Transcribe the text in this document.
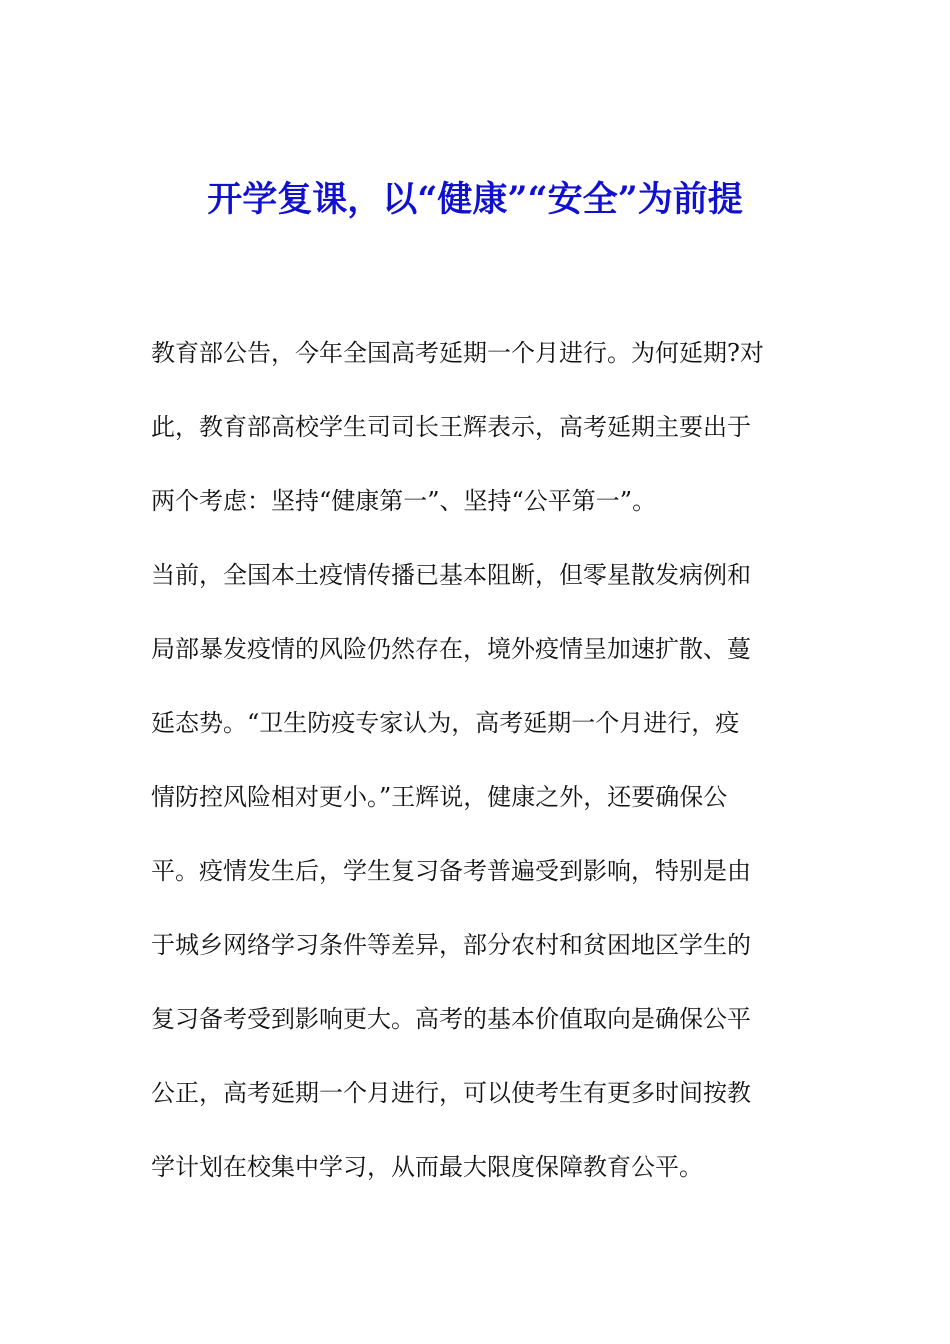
开学复课，以“健康”“安全”为前提

教育部公告，今年全国高考延期一个月进行。为何延期?对

此，教育部高校学生司司长王辉表示，高考延期主要出于

两个考虑：坚持“健康第一”、坚持“公平第一”。

当前，全国本土疫情传播已基本阻断，但零星散发病例和

局部暴发疫情的风险仍然存在，境外疫情呈加速扩散、蔓

延态势。“卫生防疫专家认为，高考延期一个月进行，疫

情防控风险相对更小。”王辉说，健康之外，还要确保公

平。疫情发生后，学生复习备考普遍受到影响，特别是由

于城乡网络学习条件等差异，部分农村和贫困地区学生的

复习备考受到影响更大。高考的基本价值取向是确保公平

公正，高考延期一个月进行，可以使考生有更多时间按教

学计划在校集中学习，从而最大限度保障教育公平。
